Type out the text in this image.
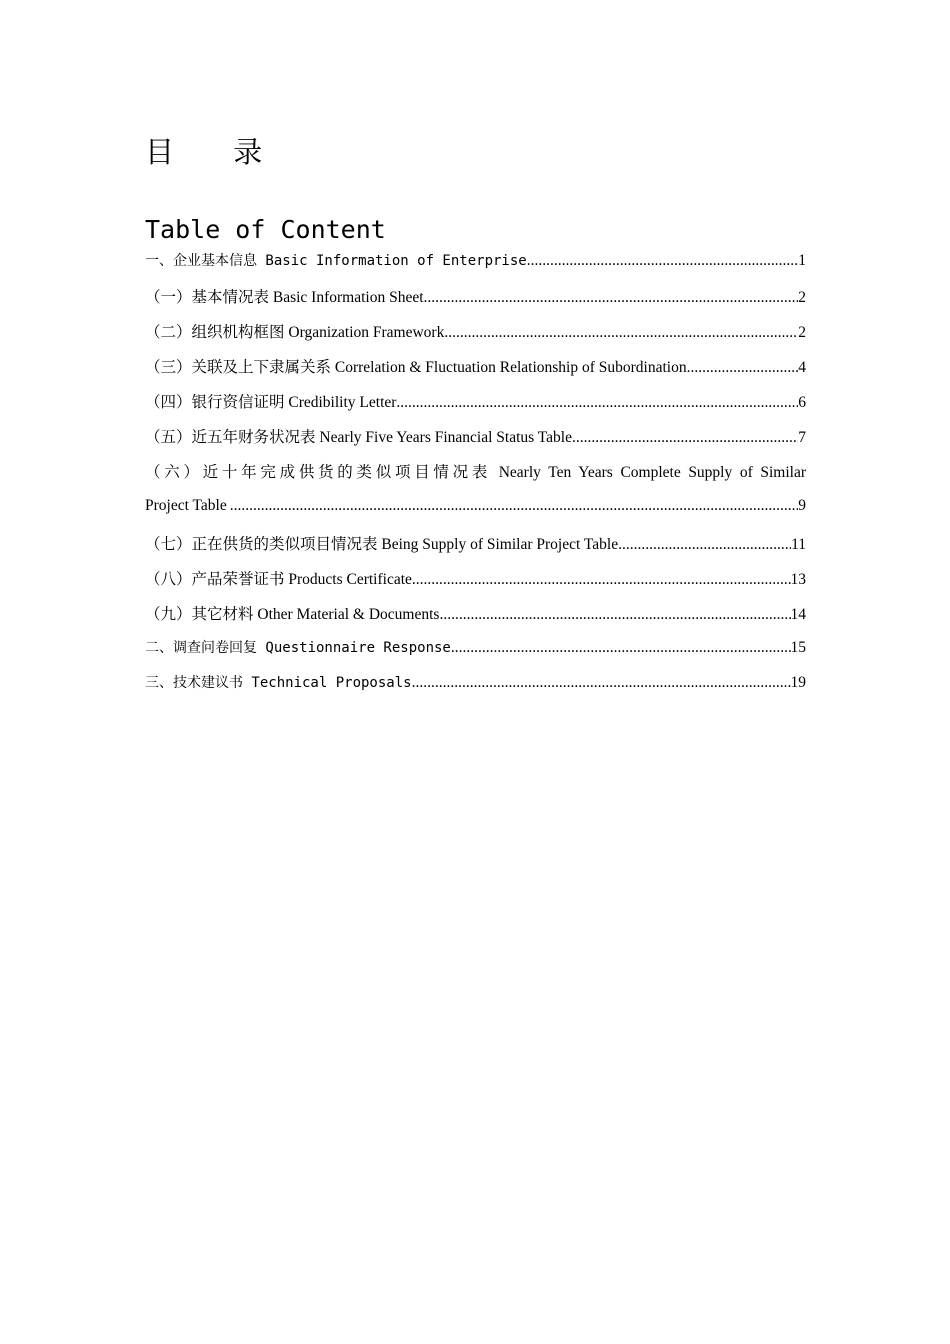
目 录
Table of Content
一、企业基本信息 Basic Information of Enterprise .....	1
（一）基本情况表 Basic Information Sheet .....	2
（二）组织机构框图 Organization Framework .....	2
（三）关联及上下隶属关系 Correlation & Fluctuation Relationship of Subordination .....	4
（四）银行资信证明 Credibility Letter .....	6
（五）近五年财务状况表 Nearly Five Years Financial Status Table .....	7
（六）近十年完成供货的类似项目情况表 Nearly Ten Years Complete Supply of Similar
Project Table .....	9
（七）正在供货的类似项目情况表 Being Supply of Similar Project Table .....	11
（八）产品荣誉证书 Products Certificate .....	13
（九）其它材料 Other Material & Documents .....	14
二、调查问卷回复 Questionnaire Response .....	15
三、技术建议书 Technical Proposals .....	19
